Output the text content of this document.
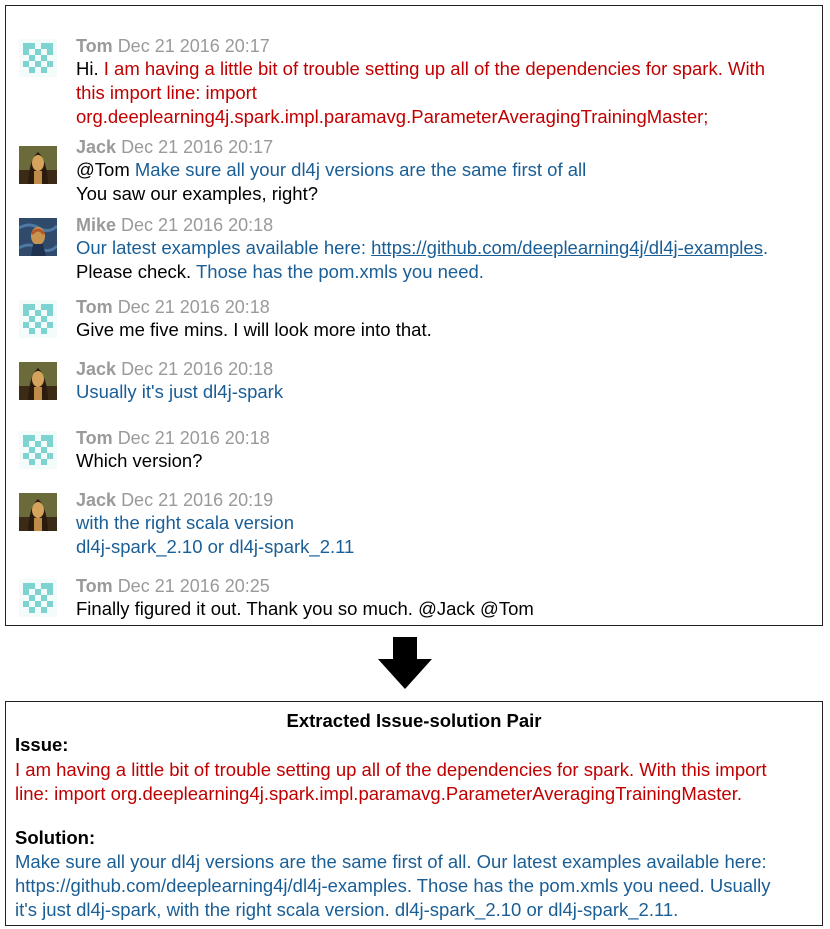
Tom Dec 21 2016 20:17
Hi. I am having a little bit of trouble setting up all of the dependencies for spark. With
this import line: import
org.deeplearning4j.spark.impl.paramavg.ParameterAveragingTrainingMaster;
Jack Dec 21 2016 20:17
@Tom Make sure all your dl4j versions are the same first of all
You saw our examples, right?
Mike Dec 21 2016 20:18
Our latest examples available here: https://github.com/deeplearning4j/dl4j-examples.
Please check. Those has the pom.xmls you need.
Tom Dec 21 2016 20:18
Give me five mins. I will look more into that.
Jack Dec 21 2016 20:18
Usually it's just dl4j-spark
Tom Dec 21 2016 20:18
Which version?
Jack Dec 21 2016 20:19
with the right scala version
dl4j-spark_2.10 or dl4j-spark_2.11
Tom Dec 21 2016 20:25
Finally figured it out. Thank you so much. @Jack @Tom
Extracted Issue-solution Pair
Issue:
I am having a little bit of trouble setting up all of the dependencies for spark. With this import
line: import org.deeplearning4j.spark.impl.paramavg.ParameterAveragingTrainingMaster.
Solution:
Make sure all your dl4j versions are the same first of all. Our latest examples available here:
https://github.com/deeplearning4j/dl4j-examples. Those has the pom.xmls you need. Usually
it's just dl4j-spark, with the right scala version. dl4j-spark_2.10 or dl4j-spark_2.11.
